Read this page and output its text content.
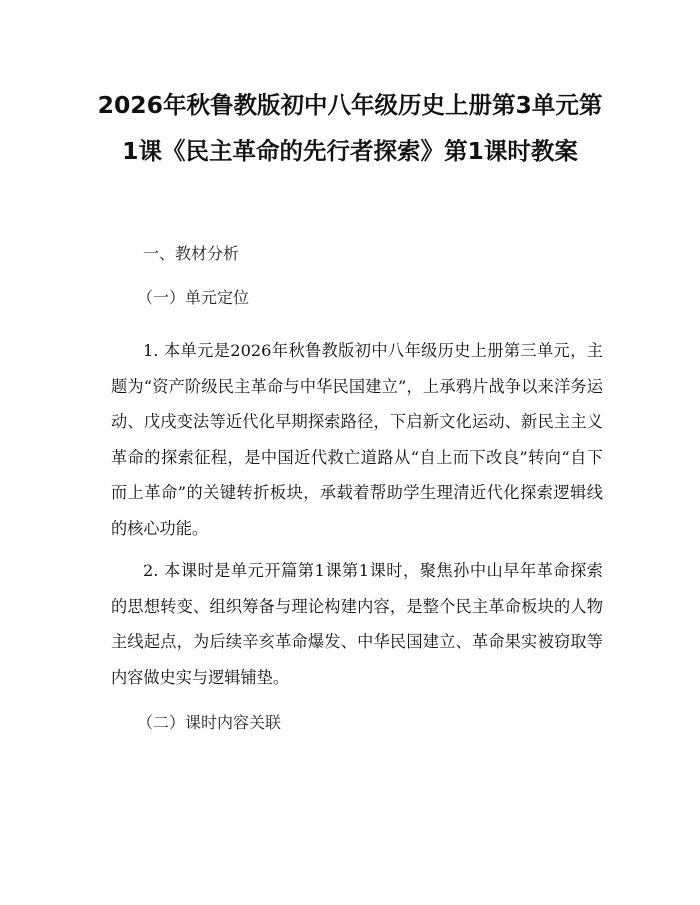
2026年秋鲁教版初中八年级历史上册第3单元第1课《民主革命的先行者探索》第1课时教案
一、教材分析
（一）单元定位
1. 本单元是2026年秋鲁教版初中八年级历史上册第三单元，主题为“资产阶级民主革命与中华民国建立”，上承鸦片战争以来洋务运动、戊戌变法等近代化早期探索路径，下启新文化运动、新民主主义革命的探索征程，是中国近代救亡道路从“自上而下改良”转向“自下而上革命”的关键转折板块，承载着帮助学生理清近代化探索逻辑线的核心功能。
2. 本课时是单元开篇第1课第1课时，聚焦孙中山早年革命探索的思想转变、组织筹备与理论构建内容，是整个民主革命板块的人物主线起点，为后续辛亥革命爆发、中华民国建立、革命果实被窃取等内容做史实与逻辑铺垫。
（二）课时内容关联
